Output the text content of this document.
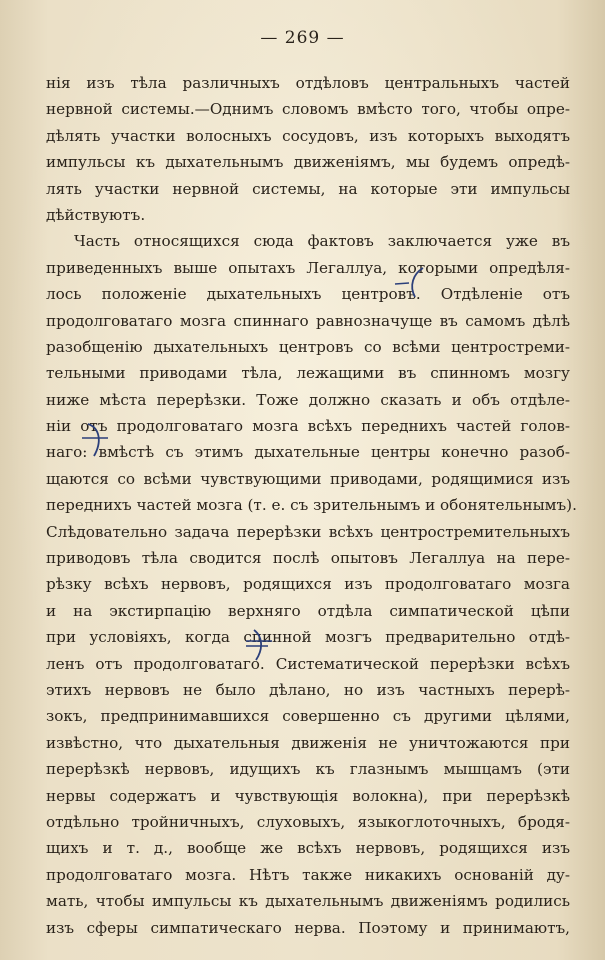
— 269 —
нія изъ тѣла различныхъ отдѣловъ центральныхъ частей
нервной системы.—Однимъ словомъ вмѣсто того, чтобы опре-
дѣлять участки волосныхъ сосудовъ, изъ которыхъ выходятъ
импульсы къ дыхательнымъ движеніямъ, мы будемъ опредѣ-
лять участки нервной системы, на которые эти импульсы
дѣйствуютъ.
Часть относящихся сюда фактовъ заключается уже въ
приведенныхъ выше опытахъ Легаллуа, которыми опредѣля-
лось положеніе дыхательныхъ центровъ. Отдѣленіе отъ
продолговатаго мозга спиннаго равнозначуще въ самомъ дѣлѣ
разобщенію дыхательныхъ центровъ со всѣми центростреми-
тельными приводами тѣла, лежащими въ спинномъ мозгу
ниже мѣста перерѣзки. Тоже должно сказать и объ отдѣле-
ніи отъ продолговатаго мозга всѣхъ переднихъ частей голов-
наго: вмѣстѣ съ этимъ дыхательные центры конечно разоб-
щаются со всѣми чувствующими приводами, родящимися изъ
переднихъ частей мозга (т. е. съ зрительнымъ и обонятельнымъ).
Слѣдовательно задача перерѣзки всѣхъ центростремительныхъ
приводовъ тѣла сводится послѣ опытовъ Легаллуа на пере-
рѣзку всѣхъ нервовъ, родящихся изъ продолговатаго мозга
и на экстирпацію верхняго отдѣла симпатической цѣпи
при условіяхъ, когда спинной мозгъ предварительно отдѣ-
ленъ отъ продолговатаго. Систематической перерѣзки всѣхъ
этихъ нервовъ не было дѣлано, но изъ частныхъ перерѣ-
зокъ, предпринимавшихся совершенно съ другими цѣлями,
извѣстно, что дыхательныя движенія не уничтожаются при
перерѣзкѣ нервовъ, идущихъ къ глазнымъ мышцамъ (эти
нервы содержатъ и чувствующія волокна), при перерѣзкѣ
отдѣльно тройничныхъ, слуховыхъ, языкоглоточныхъ, бродя-
щихъ и т. д., вообще же всѣхъ нервовъ, родящихся изъ
продолговатаго мозга. Нѣтъ также никакихъ основаній ду-
мать, чтобы импульсы къ дыхательнымъ движеніямъ родились
изъ сферы симпатическаго нерва. Поэтому и принимаютъ,
